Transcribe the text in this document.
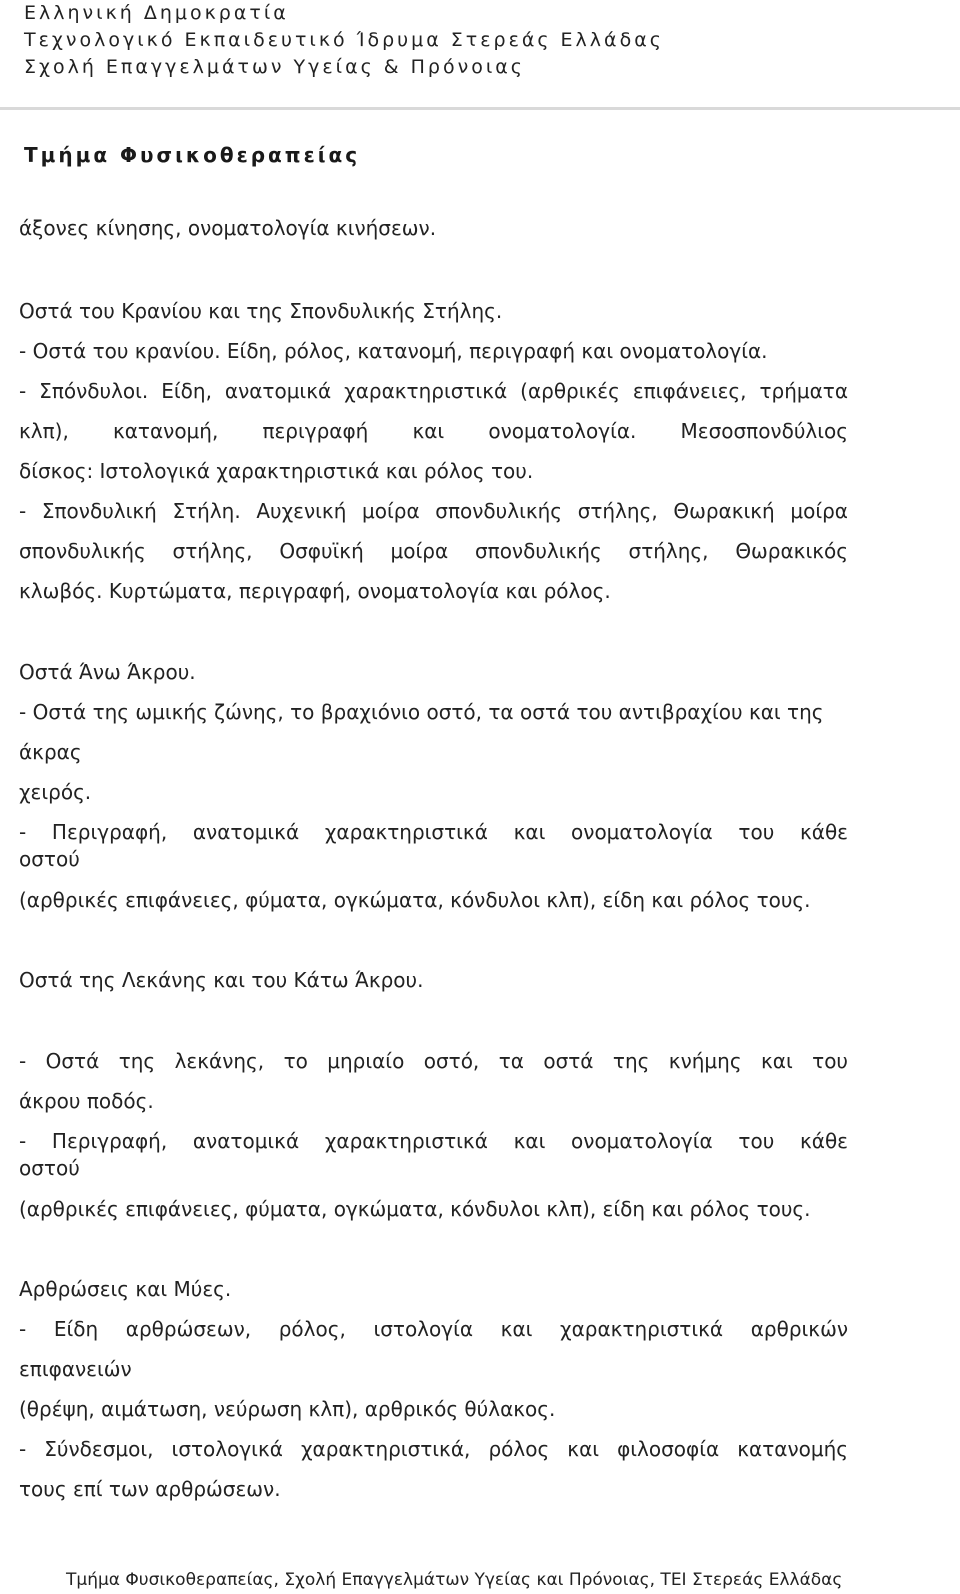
Ελληνική Δημοκρατία
Τεχνολογικό Εκπαιδευτικό Ίδρυμα Στερεάς Ελλάδας
Σχολή Επαγγελμάτων Υγείας & Πρόνοιας
Τμήμα Φυσικοθεραπείας
άξονες κίνησης, ονοματολογία κινήσεων.
Οστά του Κρανίου και της Σπονδυλικής Στήλης.
- Οστά του κρανίου. Είδη, ρόλος, κατανομή, περιγραφή και ονοματολογία.
- Σπόνδυλοι. Είδη, ανατομικά χαρακτηριστικά (αρθρικές επιφάνειες, τρήματα
κλπ), κατανομή, περιγραφή και ονοματολογία. Μεσοσπονδύλιος
δίσκος: Ιστολογικά χαρακτηριστικά και ρόλος του.
- Σπονδυλική Στήλη. Αυχενική μοίρα σπονδυλικής στήλης, Θωρακική μοίρα
σπονδυλικής στήλης, Οσφυϊκή μοίρα σπονδυλικής στήλης, Θωρακικός
κλωβός. Κυρτώματα, περιγραφή, ονοματολογία και ρόλος.
Οστά Άνω Άκρου.
- Οστά της ωμικής ζώνης, το βραχιόνιο οστό, τα οστά του αντιβραχίου και της
άκρας
χειρός.
- Περιγραφή, ανατομικά χαρακτηριστικά και ονοματολογία του κάθε
οστού
(αρθρικές επιφάνειες, φύματα, ογκώματα, κόνδυλοι κλπ), είδη και ρόλος τους.
Οστά της Λεκάνης και του Κάτω Άκρου.
- Οστά της λεκάνης, το μηριαίο οστό, τα οστά της κνήμης και του
άκρου ποδός.
- Περιγραφή, ανατομικά χαρακτηριστικά και ονοματολογία του κάθε
οστού
(αρθρικές επιφάνειες, φύματα, ογκώματα, κόνδυλοι κλπ), είδη και ρόλος τους.
Αρθρώσεις και Μύες.
- Είδη αρθρώσεων, ρόλος, ιστολογία και χαρακτηριστικά αρθρικών
επιφανειών
(θρέψη, αιμάτωση, νεύρωση κλπ), αρθρικός θύλακος.
- Σύνδεσμοι, ιστολογικά χαρακτηριστικά, ρόλος και φιλοσοφία κατανομής
τους επί των αρθρώσεων.
Τμήμα Φυσικοθεραπείας, Σχολή Επαγγελμάτων Υγείας και Πρόνοιας, ΤΕΙ Στερεάς Ελλάδας
